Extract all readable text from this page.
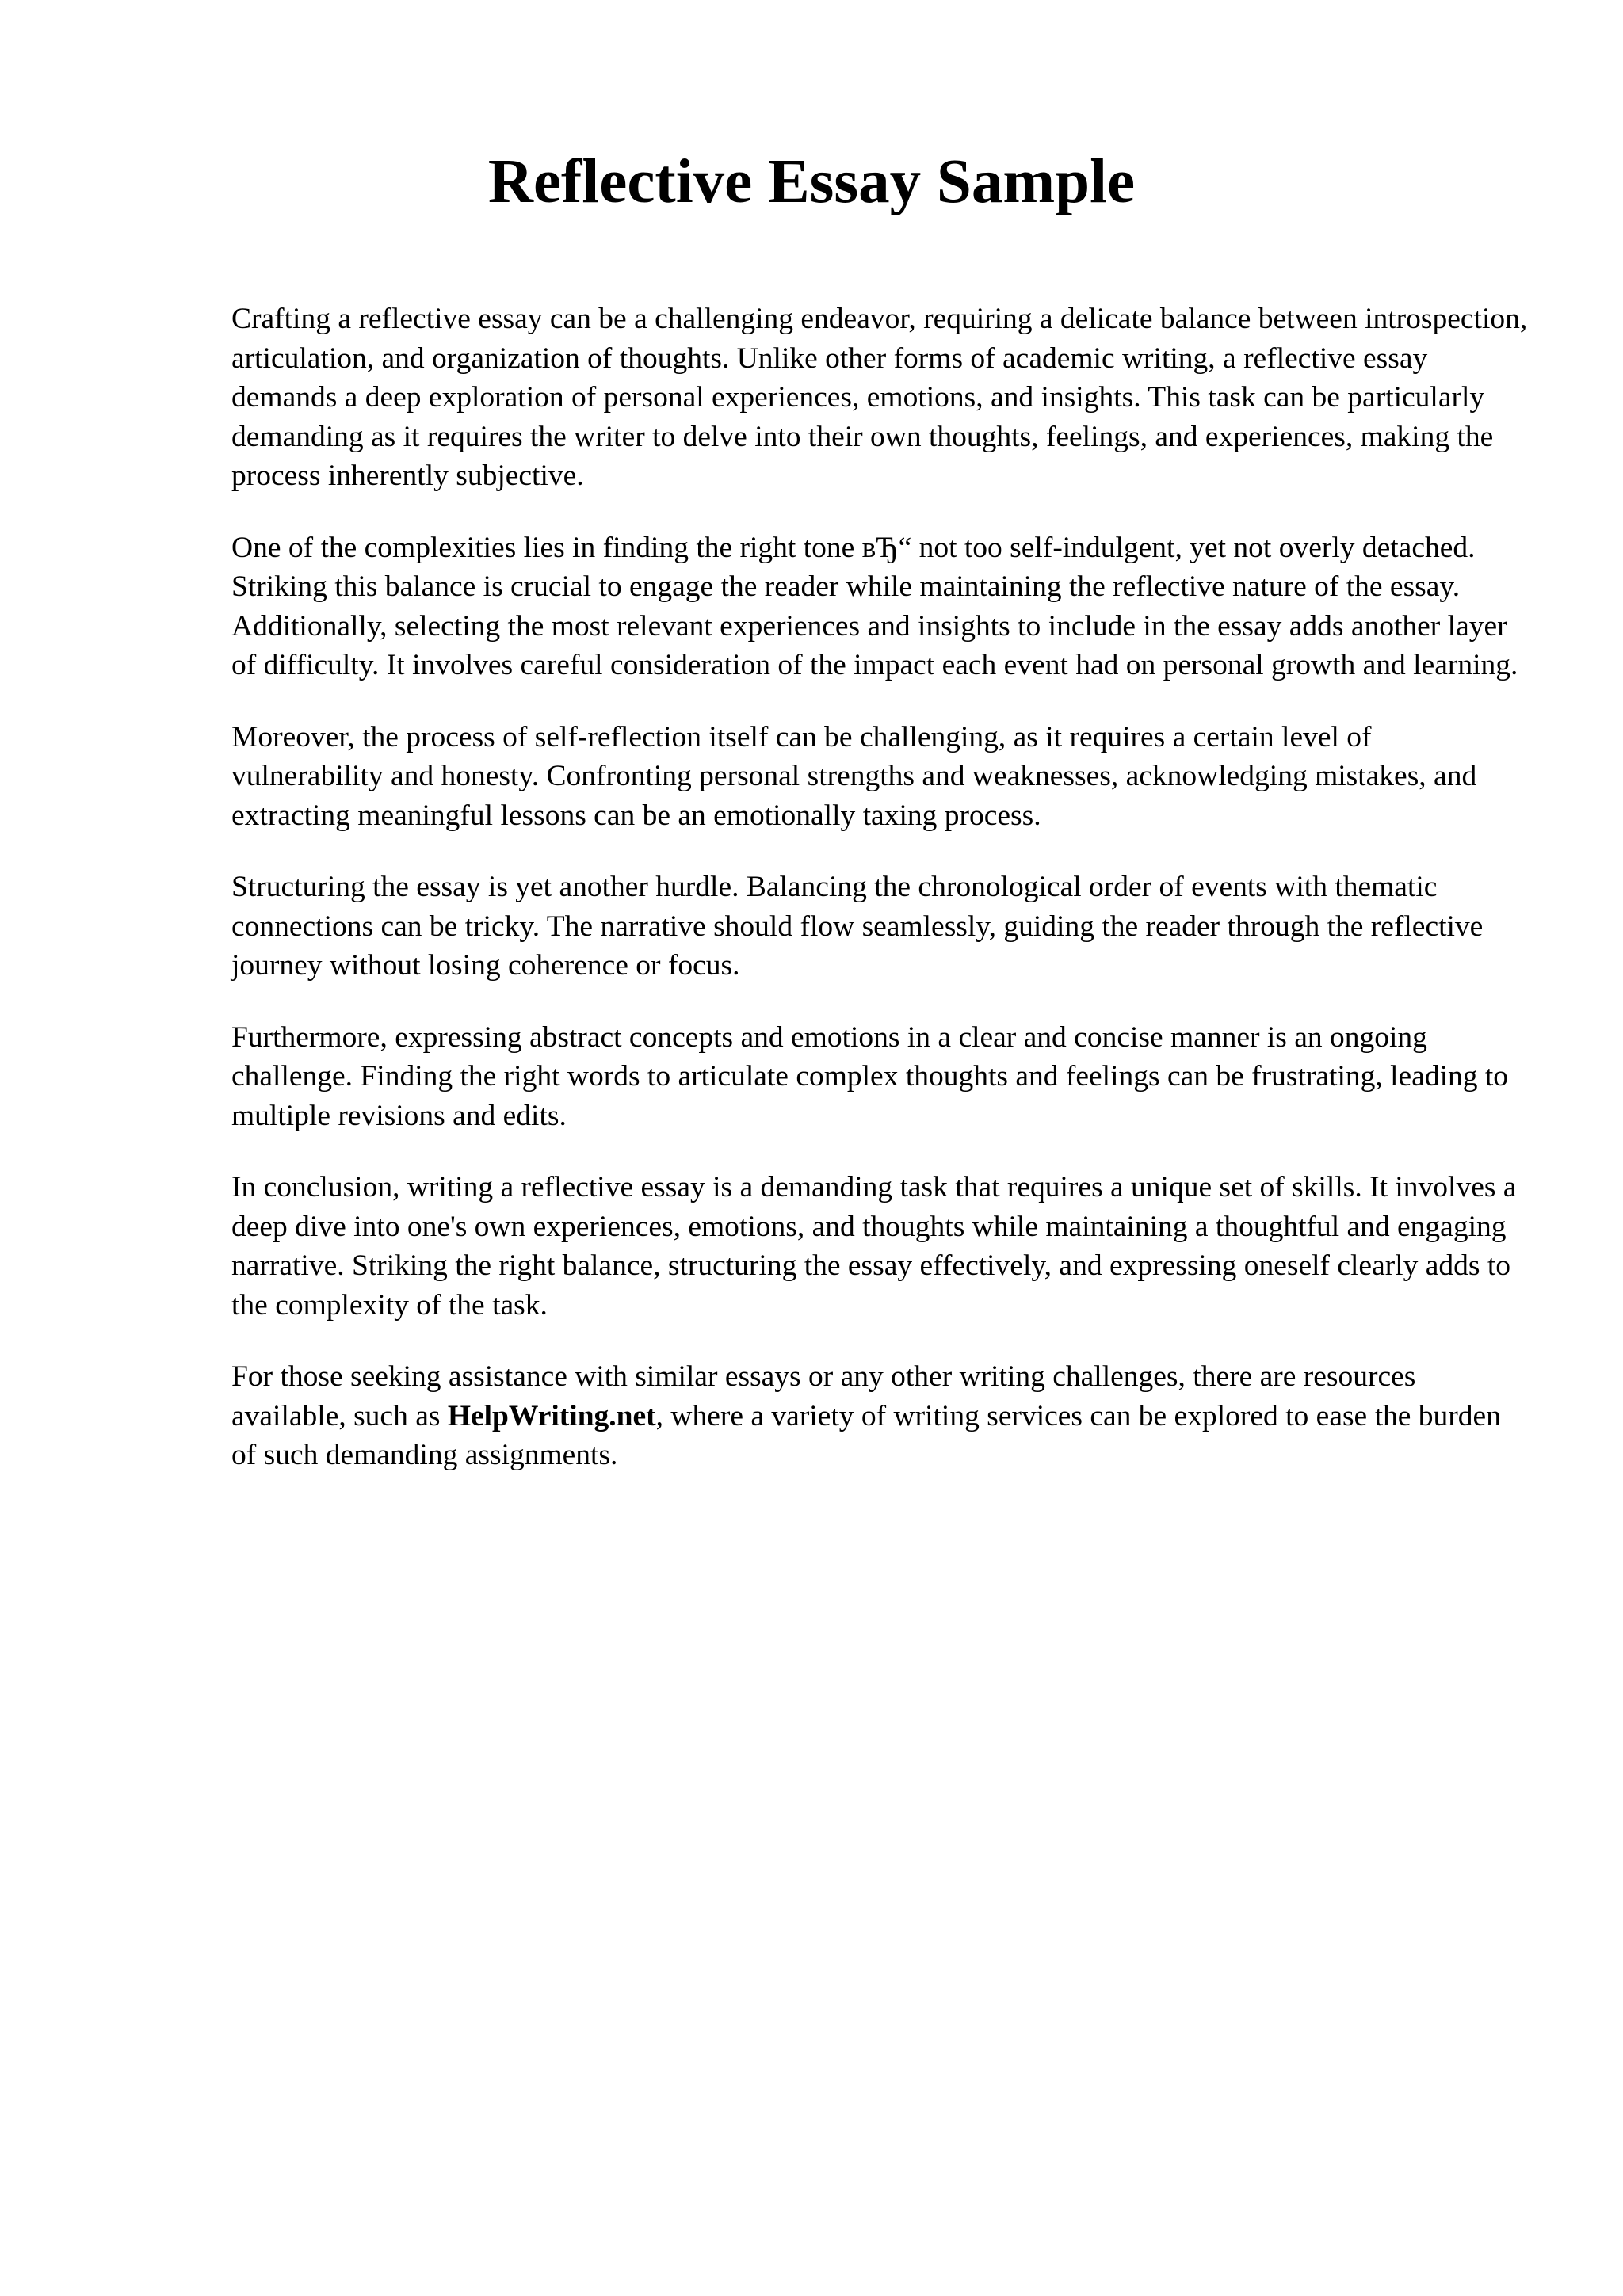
Reflective Essay Sample

Crafting a reflective essay can be a challenging endeavor, requiring a delicate balance between introspection, articulation, and organization of thoughts. Unlike other forms of academic writing, a reflective essay demands a deep exploration of personal experiences, emotions, and insights. This task can be particularly demanding as it requires the writer to delve into their own thoughts, feelings, and experiences, making the process inherently subjective.

One of the complexities lies in finding the right tone вЂ“ not too self-indulgent, yet not overly detached. Striking this balance is crucial to engage the reader while maintaining the reflective nature of the essay. Additionally, selecting the most relevant experiences and insights to include in the essay adds another layer of difficulty. It involves careful consideration of the impact each event had on personal growth and learning.

Moreover, the process of self-reflection itself can be challenging, as it requires a certain level of vulnerability and honesty. Confronting personal strengths and weaknesses, acknowledging mistakes, and extracting meaningful lessons can be an emotionally taxing process.

Structuring the essay is yet another hurdle. Balancing the chronological order of events with thematic connections can be tricky. The narrative should flow seamlessly, guiding the reader through the reflective journey without losing coherence or focus.

Furthermore, expressing abstract concepts and emotions in a clear and concise manner is an ongoing challenge. Finding the right words to articulate complex thoughts and feelings can be frustrating, leading to multiple revisions and edits.

In conclusion, writing a reflective essay is a demanding task that requires a unique set of skills. It involves a deep dive into one's own experiences, emotions, and thoughts while maintaining a thoughtful and engaging narrative. Striking the right balance, structuring the essay effectively, and expressing oneself clearly adds to the complexity of the task.

For those seeking assistance with similar essays or any other writing challenges, there are resources available, such as HelpWriting.net, where a variety of writing services can be explored to ease the burden of such demanding assignments.
